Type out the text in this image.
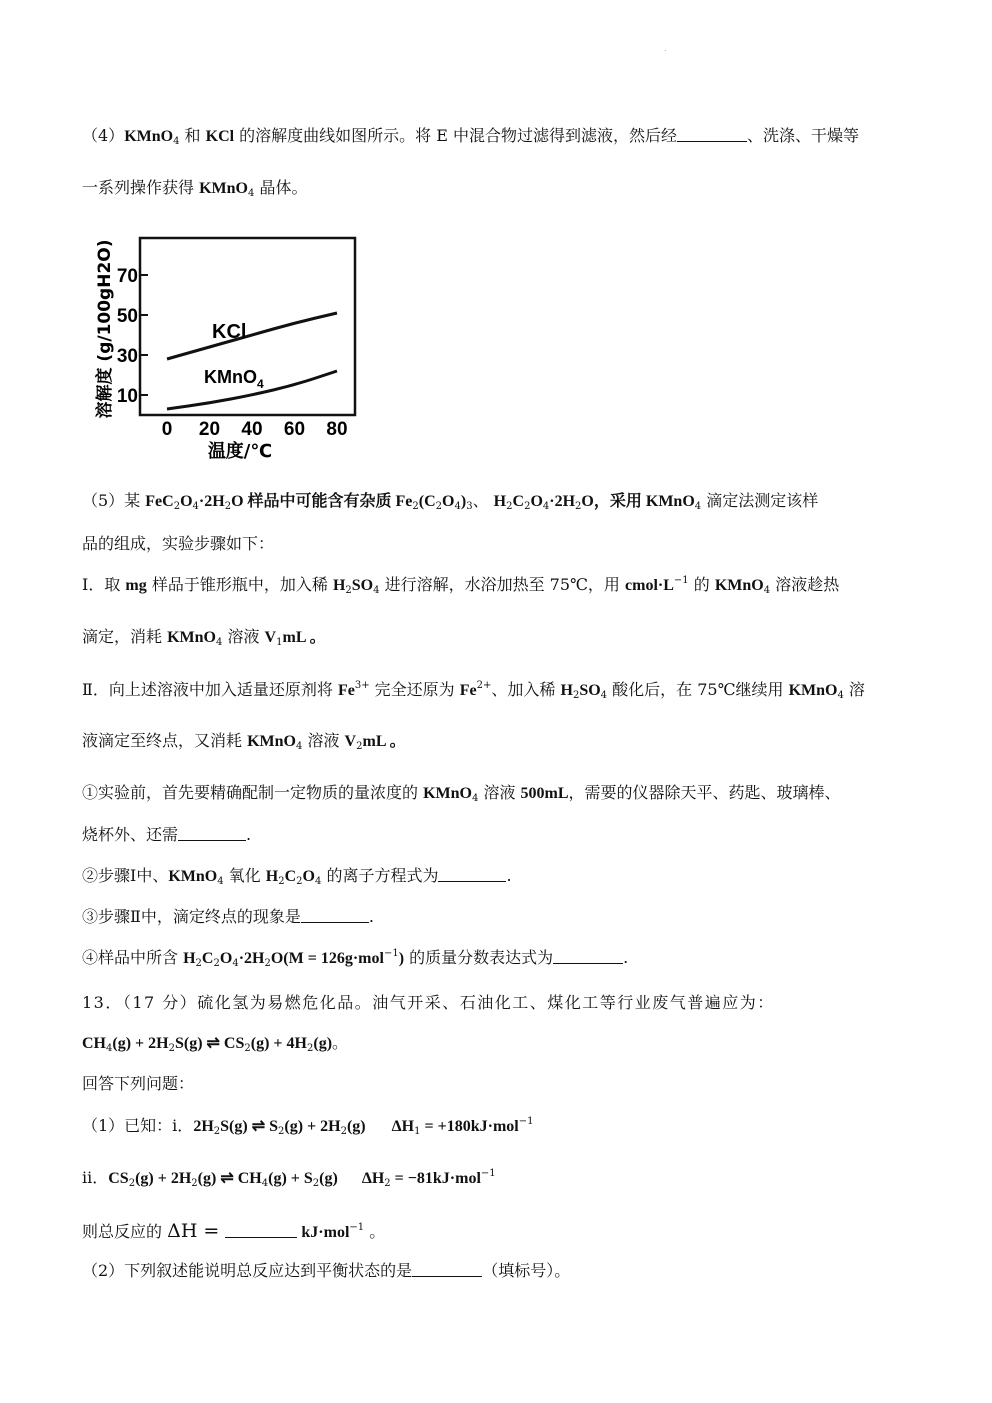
.
（4）KMnO$_4$ 和 KCl 的溶解度曲线如图所示。将 E 中混合物过滤得到滤液，然后经	、洗涤、干燥等
一系列操作获得 KMnO$_4$ 晶体。
10
30
50
70
0 20 40 60 80
KCl
KMnO$_4$
温度/℃
溶解度 (g/100gH2O)
（5）某 $FeC_2O_4\cdot 2H_2O$ 样品中可能含有杂质 $Fe_2(C_2O_4)_3$、 $H_2C_2O_4\cdot 2H_2O$，采用 KMnO$_4$ 滴定法测定该样
品的组成，实验步骤如下：
Ⅰ．取 mg 样品于锥形瓶中，加入稀 $H_2SO_4$ 进行溶解，水浴加热至 75℃，用 $cmol\cdot L^{-1}$ 的 KMnO$_4$ 溶液趁热
滴定，消耗 KMnO$_4$ 溶液 $V_1mL$ 。
Ⅱ．向上述溶液中加入适量还原剂将 $Fe^{3+}$ 完全还原为 $Fe^{2+}$、加入稀 $H_2SO_4$ 酸化后，在 75℃继续用 KMnO$_4$ 溶
液滴定至终点，又消耗 KMnO$_4$ 溶液 $V_2mL$ 。
①实验前，首先要精确配制一定物质的量浓度的 KMnO$_4$ 溶液 500mL，需要的仪器除天平、药匙、玻璃棒、
烧杯外、还需	.
②步骤Ⅰ中、KMnO$_4$ 氧化 $H_2C_2O_4$ 的离子方程式为	.
③步骤Ⅱ中，滴定终点的现象是	.
④样品中所含 $H_2C_2O_4\cdot 2H_2O(M = 126g\cdot mol^{-1})$ 的质量分数表达式为	.
13．（17 分）硫化氢为易燃危化品。油气开采、石油化工、煤化工等行业废气普遍应为：
$CH_4(g) + 2H_2S(g)$ ⇌ $CS_2(g) + 4H_2(g)$。
回答下列问题：
（1）已知：ⅰ．$2H_2S(g)$ ⇌ $S_2(g) + 2H_2(g) \Delta H_1 = +180kJ\cdot mol^{-1}$
ⅱ．$CS_2(g) + 2H_2(g)$ ⇌ $CH_4(g) + S_2(g) \Delta H_2 = -81kJ\cdot mol^{-1}$
则总反应的 ΔH =	kJ·mol$^{-1}$ 。
（2）下列叙述能说明总反应达到平衡状态的是	（填标号）。
